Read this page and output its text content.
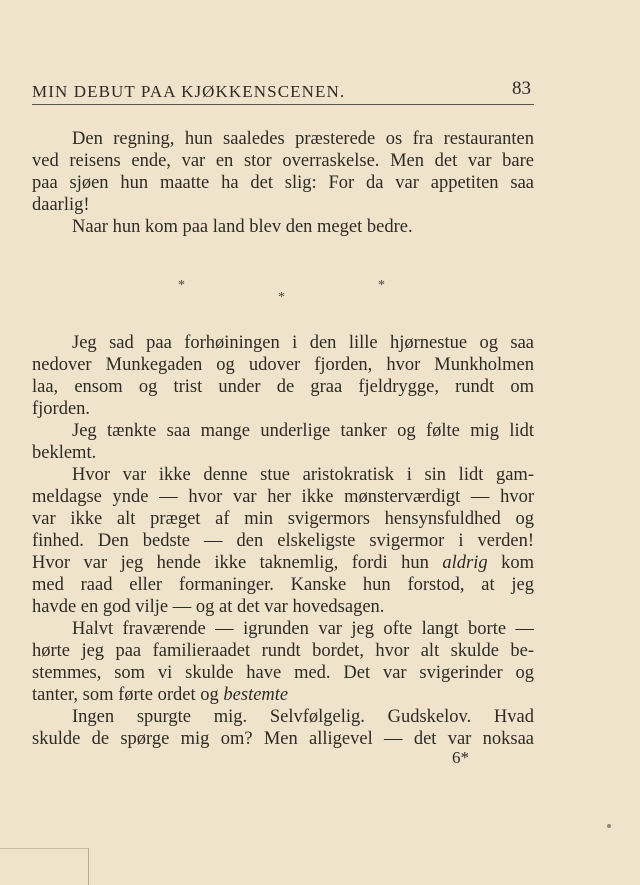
MIN DEBUT PAA KJØKKENSCENEN.	83
Den regning, hun saaledes præsterede os fra restauranten
ved reisens ende, var en stor overraskelse. Men det var bare
paa sjøen hun maatte ha det slig: For da var appetiten saa
daarlig!
Naar hun kom paa land blev den meget bedre.
*	*
*
Jeg sad paa forhøiningen i den lille hjørnestue og saa
nedover Munkegaden og udover fjorden, hvor Munkholmen
laa, ensom og trist under de graa fjeldrygge, rundt om
fjorden.
Jeg tænkte saa mange underlige tanker og følte mig lidt
beklemt.
Hvor var ikke denne stue aristokratisk i sin lidt gam-
meldagse ynde — hvor var her ikke mønsterværdigt — hvor
var ikke alt præget af min svigermors hensynsfuldhed og
finhed. Den bedste — den elskeligste svigermor i verden!
Hvor var jeg hende ikke taknemlig, fordi hun aldrig kom
med raad eller formaninger. Kanske hun forstod, at jeg
havde en god vilje — og at det var hovedsagen.
Halvt fraværende — igrunden var jeg ofte langt borte —
hørte jeg paa familieraadet rundt bordet, hvor alt skulde be-
stemmes, som vi skulde have med. Det var svigerinder og
tanter, som førte ordet og bestemte
Ingen spurgte mig. Selvfølgelig. Gudskelov. Hvad
skulde de spørge mig om? Men alligevel — det var noksaa
6*
